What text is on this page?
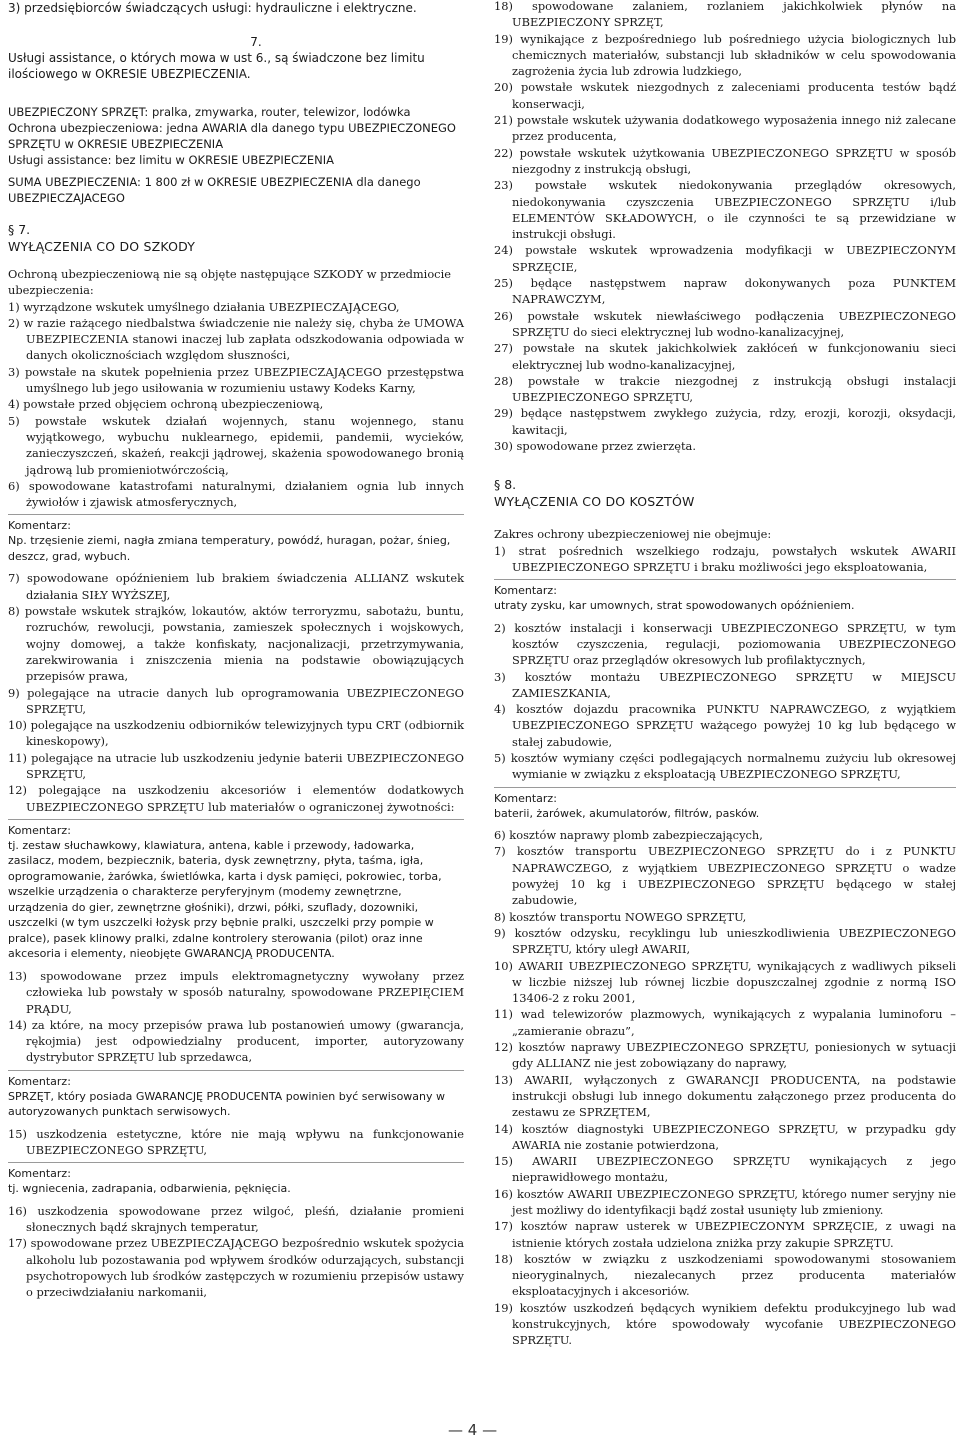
3) przedsiębiorców świadczących usługi: hydrauliczne i elektryczne.
7.
Usługi assistance, o których mowa w ust 6., są świadczone bez limitu
ilościowego w OKRESIE UBEZPIECZENIA.
UBEZPIECZONY SPRZĘT: pralka, zmywarka, router, telewizor, lodówka
Ochrona ubezpieczeniowa: jedna AWARIA dla danego typu UBEZPIECZONEGO
SPRZĘTU w OKRESIE UBEZPIECZENIA
Usługi assistance: bez limitu w OKRESIE UBEZPIECZENIA
SUMA UBEZPIECZENIA: 1 800 zł w OKRESIE UBEZPIECZENIA dla danego
UBEZPIECZAJACEGO
§ 7.
WYŁĄCZENIA CO DO SZKODY

Ochroną ubezpieczeniową nie są objęte następujące SZKODY w przedmiocie ubezpieczenia:

1) wyrządzone wskutek umyślnego działania UBEZPIECZAJĄCEGO,
2) w razie rażącego niedbalstwa świadczenie nie należy się, chyba że UMOWA UBEZPIECZENIA stanowi inaczej lub zapłata odszkodowania odpowiada w danych okolicznościach względom słuszności,
3) powstałe na skutek popełnienia przez UBEZPIECZAJĄCEGO przestępstwa umyślnego lub jego usiłowania w rozumieniu ustawy Kodeks Karny,
4) powstałe przed objęciem ochroną ubezpieczeniową,
5) powstałe wskutek działań wojennych, stanu wojennego, stanu wyjątkowego, wybuchu nuklearnego, epidemii, pandemii, wycieków, zanieczyszczeń, skażeń, reakcji jądrowej, skażenia spowodowanego bronią jądrową lub promieniotwórczością,
6) spowodowane katastrofami naturalnymi, działaniem ognia lub innych żywiołów i zjawisk atmosferycznych,
Komentarz:
Np. trzęsienie ziemi, nagła zmiana temperatury, powódź, huragan, pożar, śnieg, deszcz, grad, wybuch.
7) spowodowane opóźnieniem lub brakiem świadczenia ALLIANZ wskutek działania SIŁY WYŻSZEJ,
8) powstałe wskutek strajków, lokautów, aktów terroryzmu, sabotażu, buntu, rozruchów, rewolucji, powstania, zamieszek społecznych i wojskowych, wojny domowej, a także konfiskaty, nacjonalizacji, przetrzymywania, zarekwirowania i zniszczenia mienia na podstawie obowiązujących przepisów prawa,
9) polegające na utracie danych lub oprogramowania UBEZPIECZONEGO SPRZĘTU,
10) polegające na uszkodzeniu odbiorników telewizyjnych typu CRT (odbiornik kineskopowy),
11) polegające na utracie lub uszkodzeniu jedynie baterii UBEZPIECZONEGO SPRZĘTU,
12) polegające na uszkodzeniu akcesoriów i elementów dodatkowych UBEZPIECZONEGO SPRZĘTU lub materiałów o ograniczonej żywotności:
Komentarz:
tj. zestaw słuchawkowy, klawiatura, antena, kable i przewody, ładowarka, zasilacz, modem, bezpiecznik, bateria, dysk zewnętrzny, płyta, taśma, igła, oprogramowanie, żarówka, świetlówka, karta i dysk pamięci, pokrowiec, torba, wszelkie urządzenia o charakterze peryferyjnym (modemy zewnętrzne, urządzenia do gier, zewnętrzne głośniki), drzwi, półki, szuflady, dozowniki, uszczelki (w tym uszczelki łożysk przy bębnie pralki, uszczelki przy pompie w pralce), pasek klinowy pralki, zdalne kontrolery sterowania (pilot) oraz inne akcesoria i elementy, nieobjęte GWARANCJĄ PRODUCENTA.
13) spowodowane przez impuls elektromagnetyczny wywołany przez człowieka lub powstały w sposób naturalny, spowodowane PRZEPIĘCIEM PRĄDU,
14) za które, na mocy przepisów prawa lub postanowień umowy (gwarancja, rękojmia) jest odpowiedzialny producent, importer, autoryzowany dystrybutor SPRZĘTU lub sprzedawca,
Komentarz:
SPRZĘT, który posiada GWARANCJĘ PRODUCENTA powinien być serwisowany w autoryzowanych punktach serwisowych.
15) uszkodzenia estetyczne, które nie mają wpływu na funkcjonowanie UBEZPIECZONEGO SPRZĘTU,
Komentarz:
tj. wgniecenia, zadrapania, odbarwienia, pęknięcia.
16) uszkodzenia spowodowane przez wilgoć, pleśń, działanie promieni słonecznych bądź skrajnych temperatur,
17) spowodowane przez UBEZPIECZAJĄCEGO bezpośrednio wskutek spożycia alkoholu lub pozostawania pod wpływem środków odurzających, substancji psychotropowych lub środków zastępczych w rozumieniu przepisów ustawy o przeciwdziałaniu narkomanii,
18) spowodowane zalaniem, rozlaniem jakichkolwiek płynów na UBEZPIECZONY SPRZĘT,
19) wynikające z bezpośredniego lub pośredniego użycia biologicznych lub chemicznych materiałów, substancji lub składników w celu spowodowania zagrożenia życia lub zdrowia ludzkiego,
20) powstałe wskutek niezgodnych z zaleceniami producenta testów bądź konserwacji,
21) powstałe wskutek używania dodatkowego wyposażenia innego niż zalecane przez producenta,
22) powstałe wskutek użytkowania UBEZPIECZONEGO SPRZĘTU w sposób niezgodny z instrukcją obsługi,
23) powstałe wskutek niedokonywania przeglądów okresowych, niedokonywania czyszczenia UBEZPIECZONEGO SPRZĘTU i/lub ELEMENTÓW SKŁADOWYCH, o ile czynności te są przewidziane w instrukcji obsługi.
24) powstałe wskutek wprowadzenia modyfikacji w UBEZPIECZONYM SPRZĘCIE,
25) będące następstwem napraw dokonywanych poza PUNKTEM NAPRAWCZYM,
26) powstałe wskutek niewłaściwego podłączenia UBEZPIECZONEGO SPRZĘTU do sieci elektrycznej lub wodno-kanalizacyjnej,
27) powstałe na skutek jakichkolwiek zakłóceń w funkcjonowaniu sieci elektrycznej lub wodno-kanalizacyjnej,
28) powstałe w trakcie niezgodnej z instrukcją obsługi instalacji UBEZPIECZONEGO SPRZĘTU,
29) będące następstwem zwykłego zużycia, rdzy, erozji, korozji, oksydacji, kawitacji,
30) spowodowane przez zwierzęta.
§ 8.
WYŁĄCZENIA CO DO KOSZTÓW

Zakres ochrony ubezpieczeniowej nie obejmuje:

1) strat pośrednich wszelkiego rodzaju, powstałych wskutek AWARII UBEZPIECZONEGO SPRZĘTU i braku możliwości jego eksploatowania,
Komentarz:
utraty zysku, kar umownych, strat spowodowanych opóźnieniem.
2) kosztów instalacji i konserwacji UBEZPIECZONEGO SPRZĘTU, w tym kosztów czyszczenia, regulacji, poziomowania UBEZPIECZONEGO SPRZĘTU oraz przeglądów okresowych lub profilaktycznych,
3) kosztów montażu UBEZPIECZONEGO SPRZĘTU w MIEJSCU ZAMIESZKANIA,
4) kosztów dojazdu pracownika PUNKTU NAPRAWCZEGO, z wyjątkiem UBEZPIECZONEGO SPRZĘTU ważącego powyżej 10 kg lub będącego w stałej zabudowie,
5) kosztów wymiany części podlegających normalnemu zużyciu lub okresowej wymianie w związku z eksploatacją UBEZPIECZONEGO SPRZĘTU,
Komentarz:
baterii, żarówek, akumulatorów, filtrów, pasków.
6) kosztów naprawy plomb zabezpieczających,
7) kosztów transportu UBEZPIECZONEGO SPRZĘTU do i z PUNKTU NAPRAWCZEGO, z wyjątkiem UBEZPIECZONEGO SPRZĘTU o wadze powyżej 10 kg i UBEZPIECZONEGO SPRZĘTU będącego w stałej zabudowie,
8) kosztów transportu NOWEGO SPRZĘTU,
9) kosztów odzysku, recyklingu lub unieszkodliwienia UBEZPIECZONEGO SPRZĘTU, który uległ AWARII,
10) AWARII UBEZPIECZONEGO SPRZĘTU, wynikających z wadliwych pikseli w liczbie niższej lub równej liczbie dopuszczalnej zgodnie z normą ISO 13406-2 z roku 2001,
11) wad telewizorów plazmowych, wynikających z wypalania luminoforu – „zamieranie obrazu”,
12) kosztów naprawy UBEZPIECZONEGO SPRZĘTU, poniesionych w sytuacji gdy ALLIANZ nie jest zobowiązany do naprawy,
13) AWARII, wyłączonych z GWARANCJI PRODUCENTA, na podstawie instrukcji obsługi lub innego dokumentu załączonego przez producenta do zestawu ze SPRZĘTEM,
14) kosztów diagnostyki UBEZPIECZONEGO SPRZĘTU, w przypadku gdy AWARIA nie zostanie potwierdzona,
15) AWARII UBEZPIECZONEGO SPRZĘTU wynikających z jego nieprawidłowego montażu,
16) kosztów AWARII UBEZPIECZONEGO SPRZĘTU, którego numer seryjny nie jest możliwy do identyfikacji bądź został usunięty lub zmieniony.
17) kosztów napraw usterek w UBEZPIECZONYM SPRZĘCIE, z uwagi na istnienie których została udzielona zniżka przy zakupie SPRZĘTU.
18) kosztów w związku z uszkodzeniami spowodowanymi stosowaniem nieoryginalnych, niezalecanych przez producenta materiałów eksploatacyjnych i akcesoriów.
19) kosztów uszkodzeń będących wynikiem defektu produkcyjnego lub wad konstrukcyjnych, które spowodowały wycofanie UBEZPIECZONEGO SPRZĘTU.
— 4 —
